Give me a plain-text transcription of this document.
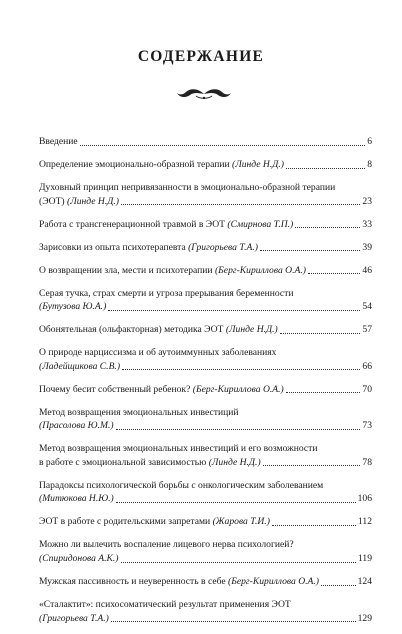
СОДЕРЖАНИЕ
Введение	6
Определение эмоционально-образной терапии (Линде Н.Д.)	8
Духовный принцип непривязанности в эмоционально-образной терапии
(ЭОТ) (Линде Н.Д.)	23
Работа с трансгенерационной травмой в ЭОТ (Смирнова Т.П.)	33
Зарисовки из опыта психотерапевта (Григорьева Т.А.)	39
О возвращении зла, мести и психотерапии (Берг-Кириллова О.А.)	46
Серая тучка, страх смерти и угроза прерывания беременности
(Бутузова Ю.А.)	54
Обонятельная (ольфакторная) методика ЭОТ (Линде Н.Д.)	57
О природе нарциссизма и об аутоиммунных заболеваниях
(Ладейщикова С.В.)	66
Почему бесит собственный ребенок? (Берг-Кириллова О.А.)	70
Метод возвращения эмоциональных инвестиций
(Прасолова Ю.М.)	73
Метод возвращения эмоциональных инвестиций и его возможности
в работе с эмоциональной зависимостью (Линде Н.Д.)	78
Парадоксы психологической борьбы с онкологическим заболеванием
(Митюкова Н.Ю.)	106
ЭОТ в работе с родительскими запретами (Жарова Т.И.)	112
Можно ли вылечить воспаление лицевого нерва психологией?
(Спиридонова А.К.)	119
Мужская пассивность и неуверенность в себе (Берг-Кириллова О.А.)	124
«Сталактит»: психосоматический результат применения ЭОТ
(Григорьева Т.А.)	129
